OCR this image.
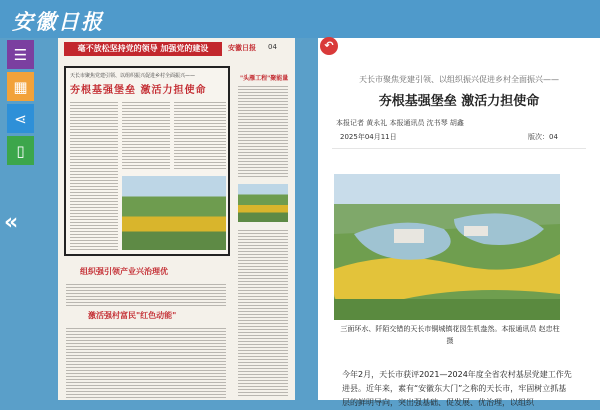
安徽日报
☰
▦
⋖
▯
«
毫不放松坚持党的领导 加强党的建设	安徽日报 04
天长市聚焦党建引领、以组织振兴促进乡村全面振兴——
夯根基强堡垒 激活力担使命
"头雁工程"聚能量
组织强引领产业兴治理优
激活强村富民"红色动能"
天长市聚焦党建引领、以组织振兴促进乡村全面振兴——
夯根基强堡垒 激活力担使命
本报记者 黄永礼 本报通讯员 沈书琴 胡鑫
2025年04月11日	版次：04
三面环水、阡陌交错的天长市铜城镇花园生机盎然。本报通讯员 赵忠柱 摄
今年2月，天长市获评2021—2024年度全省农村基层党建工作先进县。近年来，素有“安徽东大门”之称的天长市，牢固树立抓基层的鲜明导向，突出强基础、促发展、优治理，以组织
↶
